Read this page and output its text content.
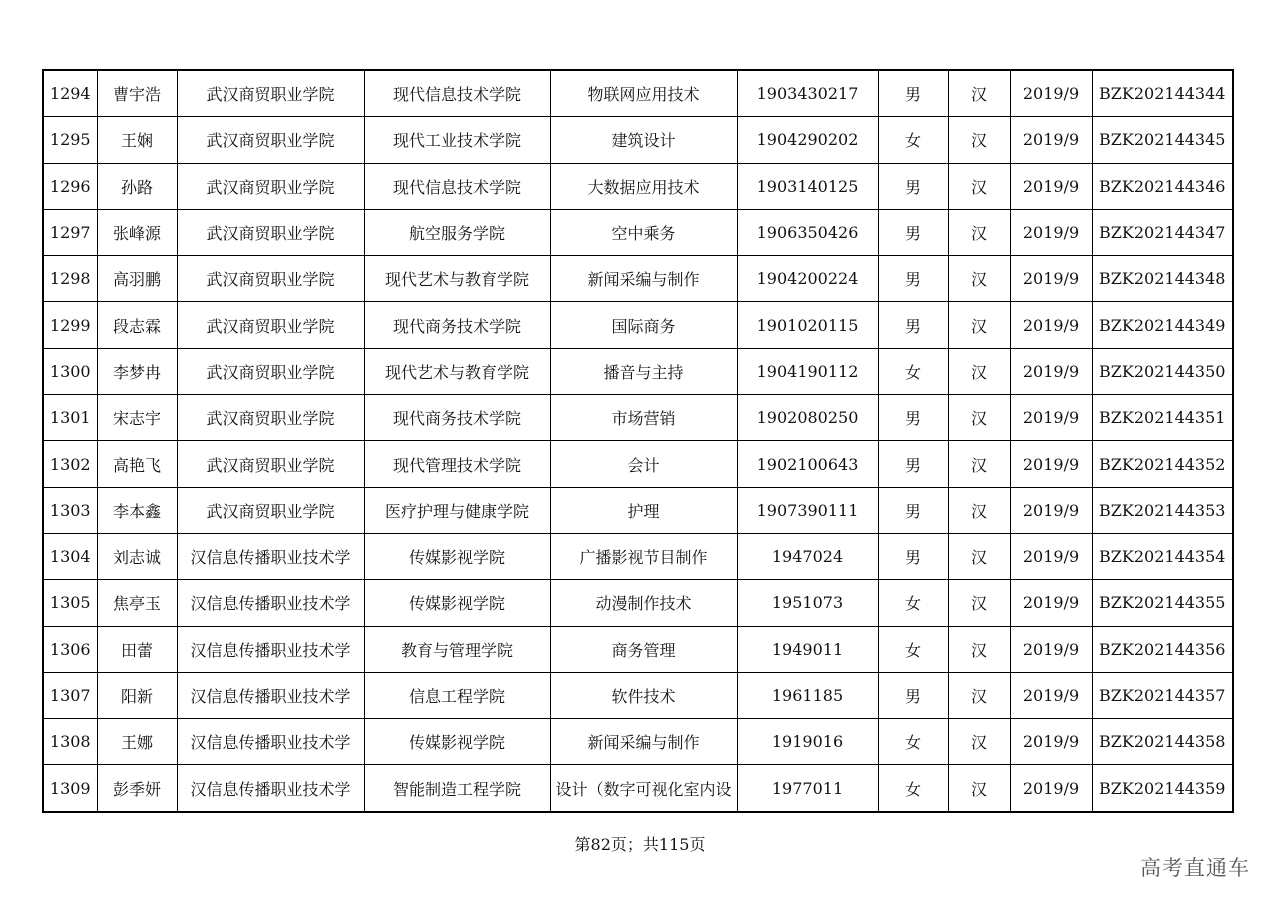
1294	曹宇浩	武汉商贸职业学院	现代信息技术学院	物联网应用技术	1903430217	男	汉	2019/9	BZK202144344
1295	王娴	武汉商贸职业学院	现代工业技术学院	建筑设计	1904290202	女	汉	2019/9	BZK202144345
1296	孙路	武汉商贸职业学院	现代信息技术学院	大数据应用技术	1903140125	男	汉	2019/9	BZK202144346
1297	张峰源	武汉商贸职业学院	航空服务学院	空中乘务	1906350426	男	汉	2019/9	BZK202144347
1298	高羽鹏	武汉商贸职业学院	现代艺术与教育学院	新闻采编与制作	1904200224	男	汉	2019/9	BZK202144348
1299	段志霖	武汉商贸职业学院	现代商务技术学院	国际商务	1901020115	男	汉	2019/9	BZK202144349
1300	李梦冉	武汉商贸职业学院	现代艺术与教育学院	播音与主持	1904190112	女	汉	2019/9	BZK202144350
1301	宋志宇	武汉商贸职业学院	现代商务技术学院	市场营销	1902080250	男	汉	2019/9	BZK202144351
1302	高艳飞	武汉商贸职业学院	现代管理技术学院	会计	1902100643	男	汉	2019/9	BZK202144352
1303	李本鑫	武汉商贸职业学院	医疗护理与健康学院	护理	1907390111	男	汉	2019/9	BZK202144353
1304	刘志诚	汉信息传播职业技术学	传媒影视学院	广播影视节目制作	1947024	男	汉	2019/9	BZK202144354
1305	焦亭玉	汉信息传播职业技术学	传媒影视学院	动漫制作技术	1951073	女	汉	2019/9	BZK202144355
1306	田蕾	汉信息传播职业技术学	教育与管理学院	商务管理	1949011	女	汉	2019/9	BZK202144356
1307	阳新	汉信息传播职业技术学	信息工程学院	软件技术	1961185	男	汉	2019/9	BZK202144357
1308	王娜	汉信息传播职业技术学	传媒影视学院	新闻采编与制作	1919016	女	汉	2019/9	BZK202144358
1309	彭季妍	汉信息传播职业技术学	智能制造工程学院	设计（数字可视化室内设	1977011	女	汉	2019/9	BZK202144359
第82页；共115页
高考直通车
